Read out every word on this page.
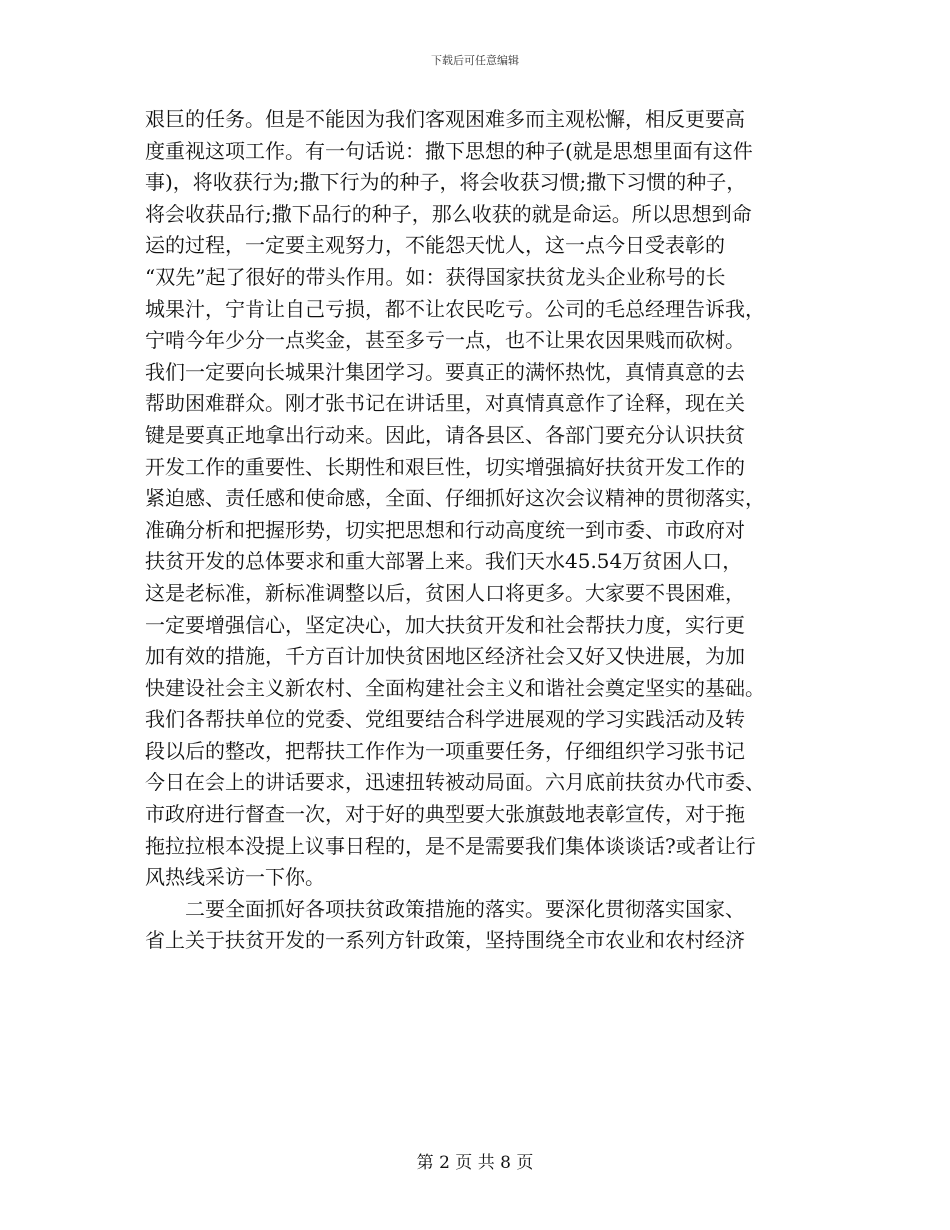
下载后可任意编辑
艰巨的任务。但是不能因为我们客观困难多而主观松懈，相反更要高
度重视这项工作。有一句话说：撒下思想的种子(就是思想里面有这件
事)，将收获行为;撒下行为的种子，将会收获习惯;撒下习惯的种子，
将会收获品行;撒下品行的种子，那么收获的就是命运。所以思想到命
运的过程，一定要主观努力，不能怨天忧人，这一点今日受表彰的
“双先”起了很好的带头作用。如：获得国家扶贫龙头企业称号的长
城果汁，宁肯让自己亏损，都不让农民吃亏。公司的毛总经理告诉我，
宁啃今年少分一点奖金，甚至多亏一点，也不让果农因果贱而砍树。
我们一定要向长城果汁集团学习。要真正的满怀热忱，真情真意的去
帮助困难群众。刚才张书记在讲话里，对真情真意作了诠释，现在关
键是要真正地拿出行动来。因此，请各县区、各部门要充分认识扶贫
开发工作的重要性、长期性和艰巨性，切实增强搞好扶贫开发工作的
紧迫感、责任感和使命感，全面、仔细抓好这次会议精神的贯彻落实，
准确分析和把握形势，切实把思想和行动高度统一到市委、市政府对
扶贫开发的总体要求和重大部署上来。我们天水45.54万贫困人口，
这是老标准，新标准调整以后，贫困人口将更多。大家要不畏困难，
一定要增强信心，坚定决心，加大扶贫开发和社会帮扶力度，实行更
加有效的措施，千方百计加快贫困地区经济社会又好又快进展，为加
快建设社会主义新农村、全面构建社会主义和谐社会奠定坚实的基础。
我们各帮扶单位的党委、党组要结合科学进展观的学习实践活动及转
段以后的整改，把帮扶工作作为一项重要任务，仔细组织学习张书记
今日在会上的讲话要求，迅速扭转被动局面。六月底前扶贫办代市委、
市政府进行督查一次，对于好的典型要大张旗鼓地表彰宣传，对于拖
拖拉拉根本没提上议事日程的，是不是需要我们集体谈谈话?或者让行
风热线采访一下你。
二要全面抓好各项扶贫政策措施的落实。要深化贯彻落实国家、
省上关于扶贫开发的一系列方针政策，坚持围绕全市农业和农村经济
第 2 页 共 8 页
